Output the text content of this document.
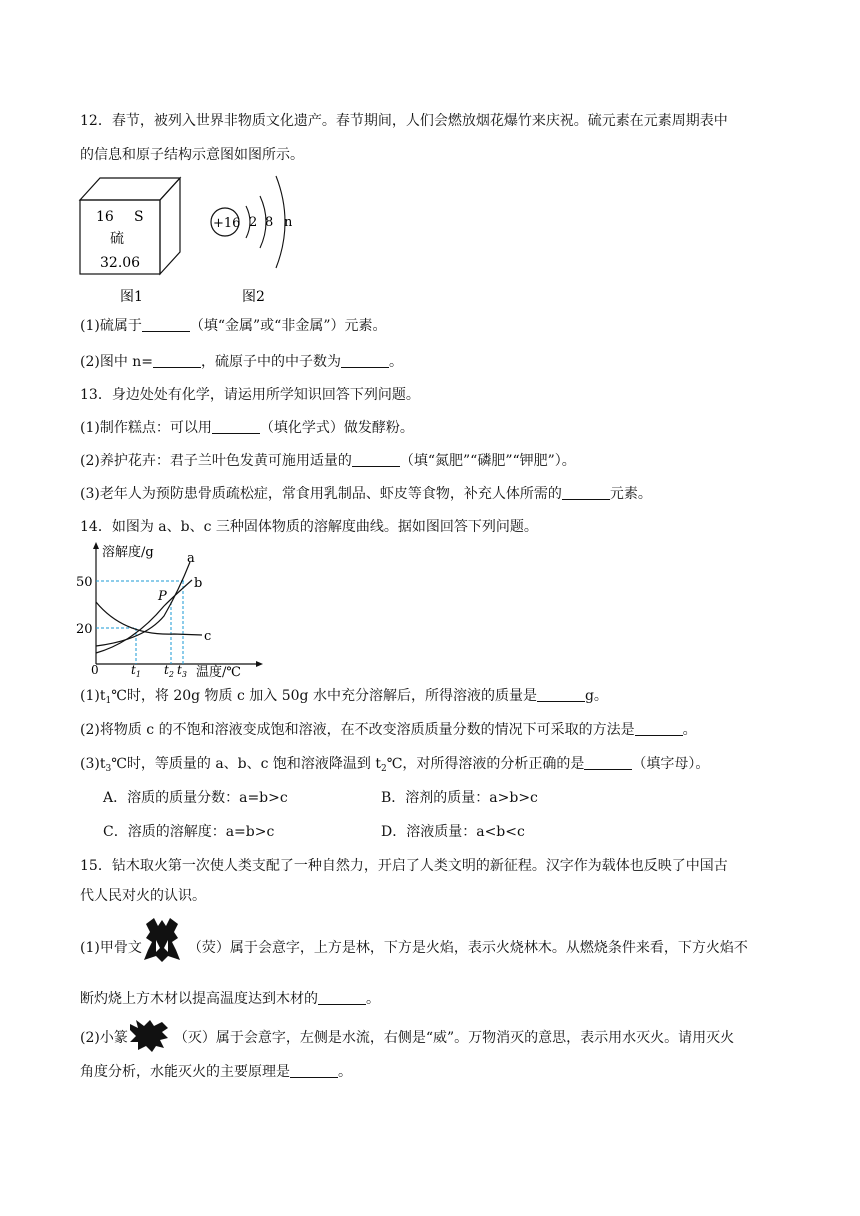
12．春节，被列入世界非物质文化遗产。春节期间，人们会燃放烟花爆竹来庆祝。硫元素在元素周期表中
的信息和原子结构示意图如图所示。
16 S
硫
32.06
+16 2 8 n
图1	图2
(1)硫属于	（填“金属”或“非金属”）元素。
(2)图中 n=	，硫原子中的中子数为	。
13．身边处处有化学，请运用所学知识回答下列问题。
(1)制作糕点：可以用	（填化学式）做发酵粉。
(2)养护花卉：君子兰叶色发黄可施用适量的	（填“氮肥”“磷肥”“钾肥”）。
(3)老年人为预防患骨质疏松症，常食用乳制品、虾皮等食物，补充人体所需的	元素。
14．如图为 a、b、c 三种固体物质的溶解度曲线。据如图回答下列问题。
溶解度/g
温度/℃
0
50
20
a
b
c
P
$t_1$ $t_2$ $t_3$
$(1)t_1℃$时，将 20g 物质 c 加入 50g 水中充分溶解后，所得溶液的质量是	g。
(2)将物质 c 的不饱和溶液变成饱和溶液，在不改变溶质质量分数的情况下可采取的方法是	。
$(3)t_3℃$时，等质量的 a、b、c 饱和溶液降温到 $t_2℃$，对所得溶液的分析正确的是	（填字母）。
A．溶质的质量分数：a=b>c	B．溶剂的质量：a>b>c
C．溶质的溶解度：a=b>c	D．溶液质量：a<b<c
15．钻木取火第一次使人类支配了一种自然力，开启了人类文明的新征程。汉字作为载体也反映了中国古
代人民对火的认识。
(1)甲骨文	（荧）属于会意字，上方是林，下方是火焰，表示火烧林木。从燃烧条件来看，下方火焰不
断灼烧上方木材以提高温度达到木材的	。
(2)小篆	（灭）属于会意字，左侧是水流，右侧是“威”。万物消灭的意思，表示用水灭火。请用灭火
角度分析，水能灭火的主要原理是	。
